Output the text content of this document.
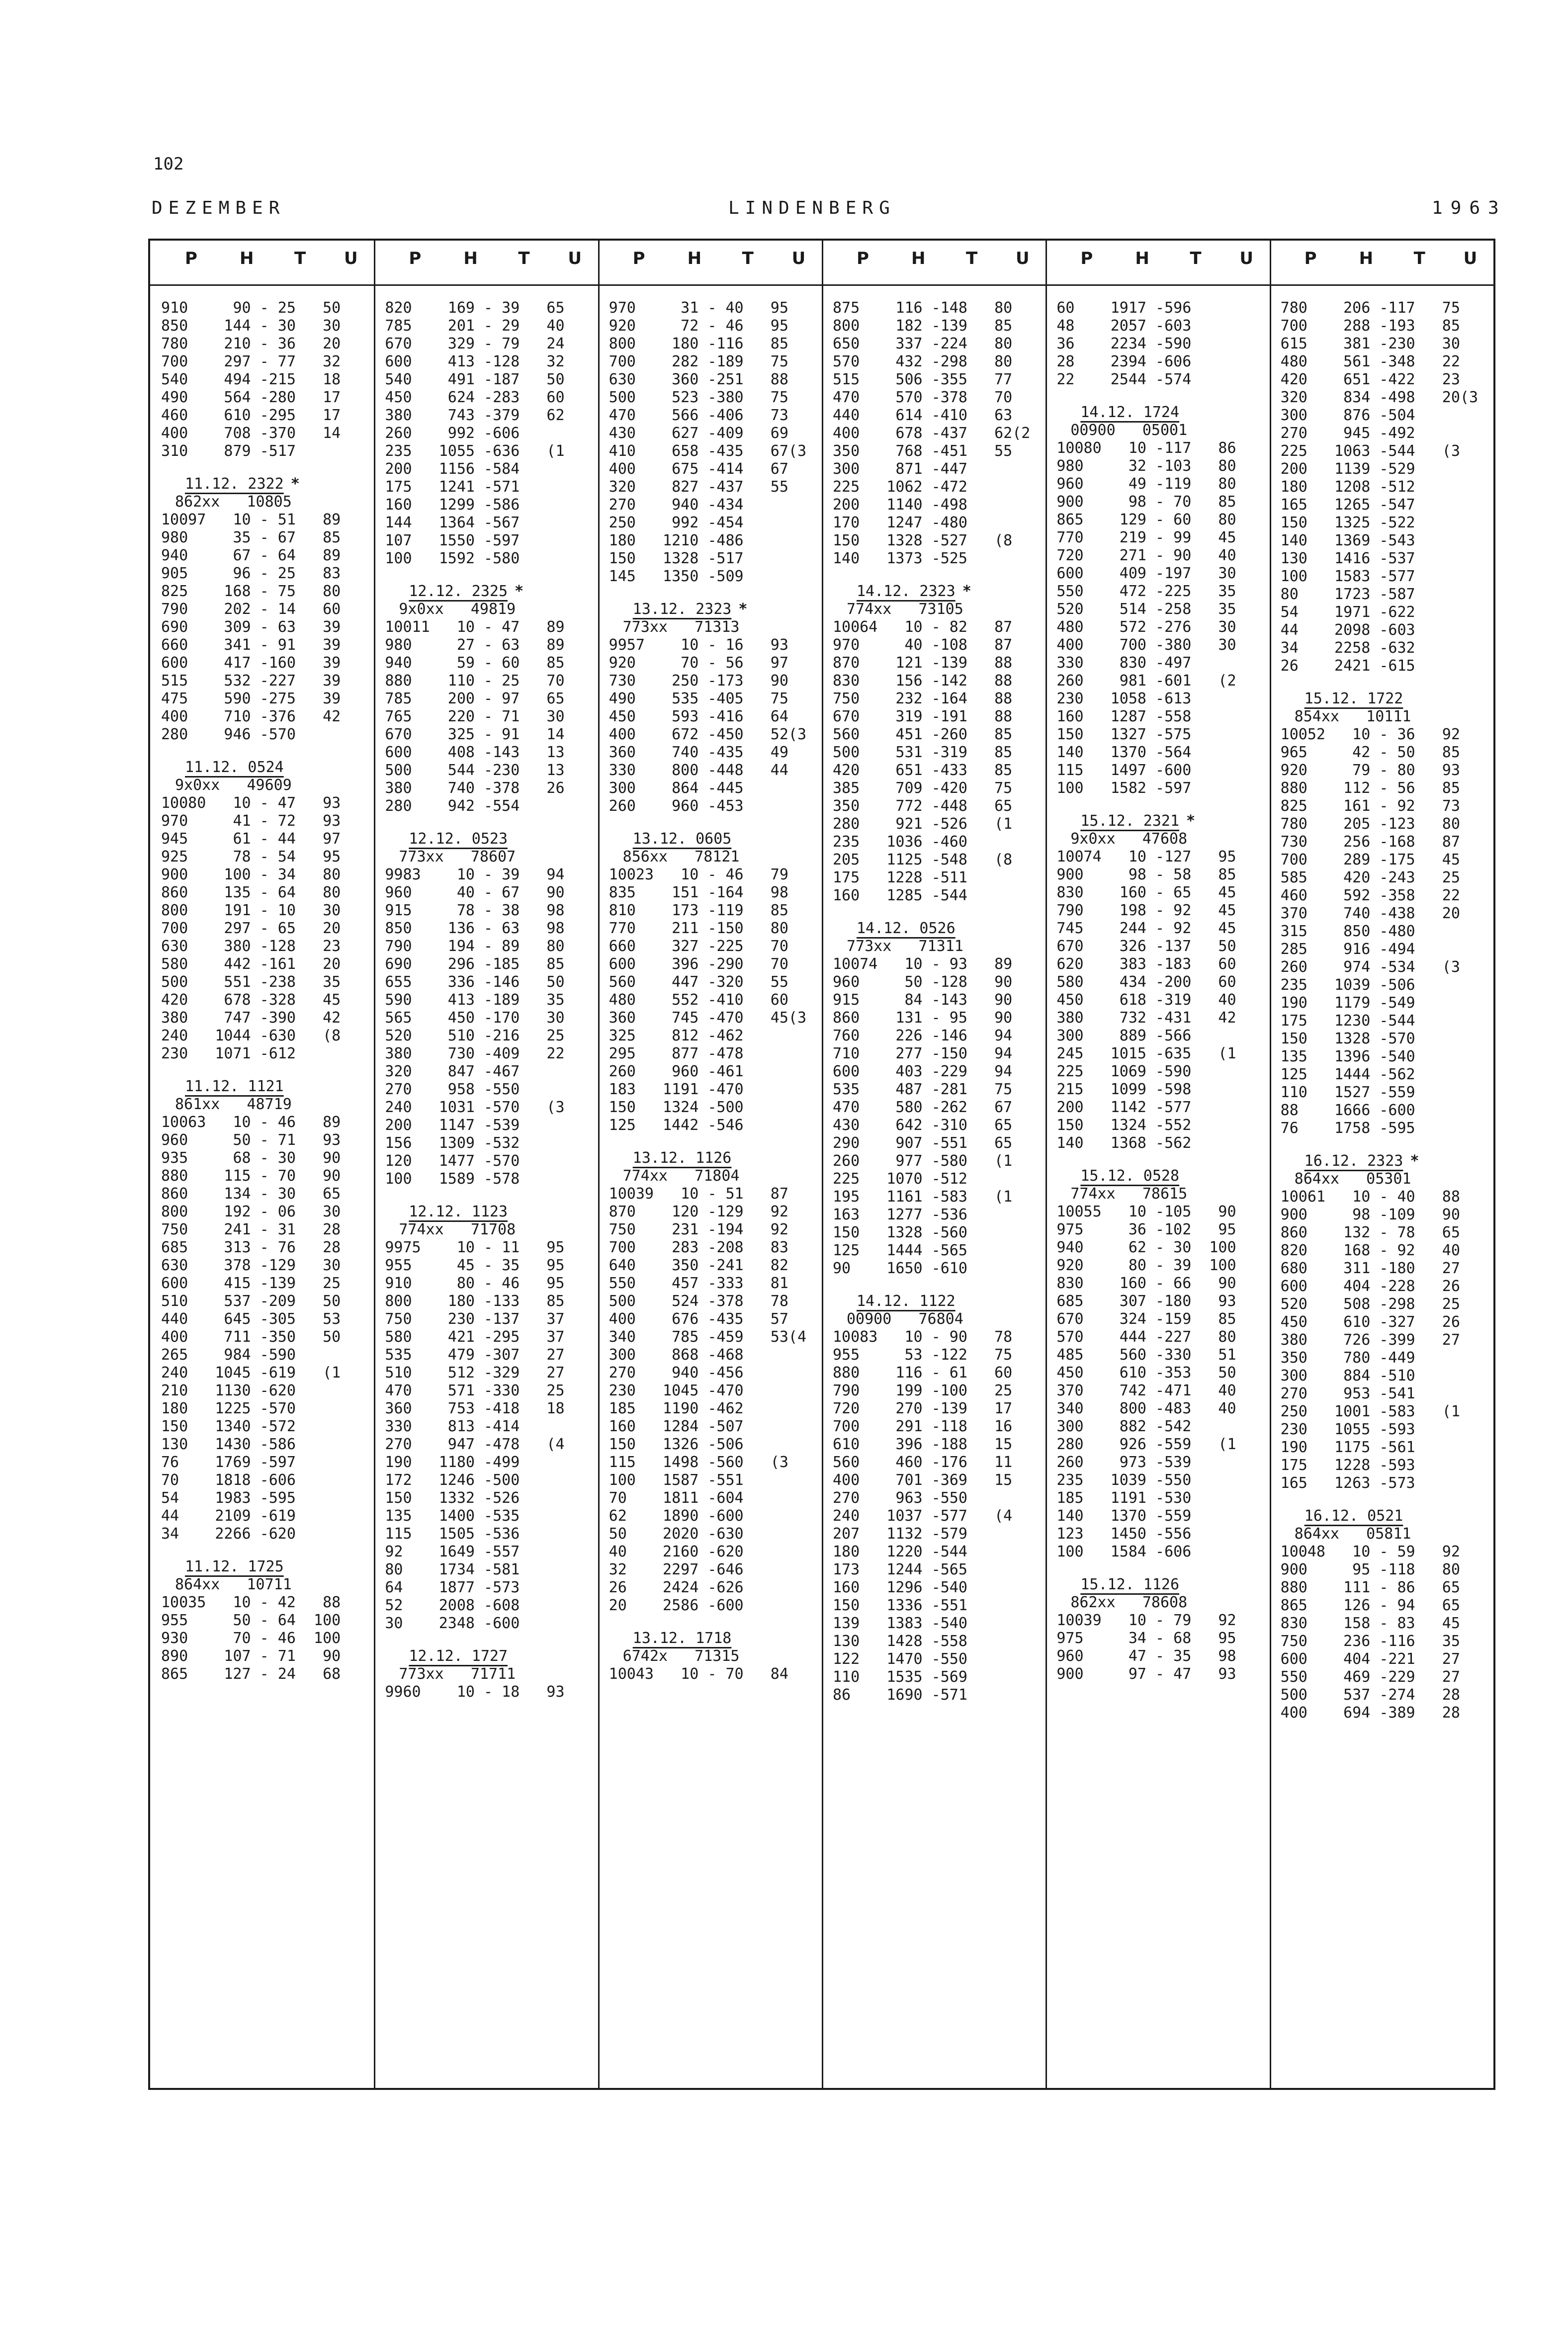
102
DEZEMBER	LINDENBERG	1963
P	H T U
910     90 - 25   50
850    144 - 30   30
780    210 - 36   20
700    297 - 77   32
540    494 -215   18
490    564 -280   17
460    610 -295   17
400    708 -370   14
310    879 -517
11.12. 2322 *
862xx   10805
10097   10 - 51   89
980     35 - 67   85
940     67 - 64   89
905     96 - 25   83
825    168 - 75   80
790    202 - 14   60
690    309 - 63   39
660    341 - 91   39
600    417 -160   39
515    532 -227   39
475    590 -275   39
400    710 -376   42
280    946 -570
11.12. 0524
9x0xx   49609
10080   10 - 47   93
970     41 - 72   93
945     61 - 44   97
925     78 - 54   95
900    100 - 34   80
860    135 - 64   80
800    191 - 10   30
700    297 - 65   20
630    380 -128   23
580    442 -161   20
500    551 -238   35
420    678 -328   45
380    747 -390   42
240   1044 -630   (8
230   1071 -612
11.12. 1121
861xx   48719
10063   10 - 46   89
960     50 - 71   93
935     68 - 30   90
880    115 - 70   90
860    134 - 30   65
800    192 - 06   30
750    241 - 31   28
685    313 - 76   28
630    378 -129   30
600    415 -139   25
510    537 -209   50
440    645 -305   53
400    711 -350   50
265    984 -590
240   1045 -619   (1
210   1130 -620
180   1225 -570
150   1340 -572
130   1430 -586
76    1769 -597
70    1818 -606
54    1983 -595
44    2109 -619
34    2266 -620
11.12. 1725
864xx   10711
10035   10 - 42   88
955     50 - 64  100
930     70 - 46  100
890    107 - 71   90
865    127 - 24   68
P	H T U
820    169 - 39   65
785    201 - 29   40
670    329 - 79   24
600    413 -128   32
540    491 -187   50
450    624 -283   60
380    743 -379   62
260    992 -606
235   1055 -636   (1
200   1156 -584
175   1241 -571
160   1299 -586
144   1364 -567
107   1550 -597
100   1592 -580
12.12. 2325 *
9x0xx   49819
10011   10 - 47   89
980     27 - 63   89
940     59 - 60   85
880    110 - 25   70
785    200 - 97   65
765    220 - 71   30
670    325 - 91   14
600    408 -143   13
500    544 -230   13
380    740 -378   26
280    942 -554
12.12. 0523
773xx   78607
9983    10 - 39   94
960     40 - 67   90
915     78 - 38   98
850    136 - 63   98
790    194 - 89   80
690    296 -185   85
655    336 -146   50
590    413 -189   35
565    450 -170   30
520    510 -216   25
380    730 -409   22
320    847 -467
270    958 -550
240   1031 -570   (3
200   1147 -539
156   1309 -532
120   1477 -570
100   1589 -578
12.12. 1123
774xx   71708
9975    10 - 11   95
955     45 - 35   95
910     80 - 46   95
800    180 -133   85
750    230 -137   37
580    421 -295   37
535    479 -307   27
510    512 -329   27
470    571 -330   25
360    753 -418   18
330    813 -414
270    947 -478   (4
190   1180 -499
172   1246 -500
150   1332 -526
135   1400 -535
115   1505 -536
92    1649 -557
80    1734 -581
64    1877 -573
52    2008 -608
30    2348 -600
12.12. 1727
773xx   71711
9960    10 - 18   93
P	H T U
970     31 - 40   95
920     72 - 46   95
800    180 -116   85
700    282 -189   75
630    360 -251   88
500    523 -380   75
470    566 -406   73
430    627 -409   69
410    658 -435   67(3
400    675 -414   67
320    827 -437   55
270    940 -434
250    992 -454
180   1210 -486
150   1328 -517
145   1350 -509
13.12. 2323 *
773xx   71313
9957    10 - 16   93
920     70 - 56   97
730    250 -173   90
490    535 -405   75
450    593 -416   64
400    672 -450   52(3
360    740 -435   49
330    800 -448   44
300    864 -445
260    960 -453
13.12. 0605
856xx   78121
10023   10 - 46   79
835    151 -164   98
810    173 -119   85
770    211 -150   80
660    327 -225   70
600    396 -290   70
560    447 -320   55
480    552 -410   60
360    745 -470   45(3
325    812 -462
295    877 -478
260    960 -461
183   1191 -470
150   1324 -500
125   1442 -546
13.12. 1126
774xx   71804
10039   10 - 51   87
870    120 -129   92
750    231 -194   92
700    283 -208   83
640    350 -241   82
550    457 -333   81
500    524 -378   78
400    676 -435   57
340    785 -459   53(4
300    868 -468
270    940 -456
230   1045 -470
185   1190 -462
160   1284 -507
150   1326 -506
115   1498 -560   (3
100   1587 -551
70    1811 -604
62    1890 -600
50    2020 -630
40    2160 -620
32    2297 -646
26    2424 -626
20    2586 -600
13.12. 1718
6742x   71315
10043   10 - 70   84
P	H T U
875    116 -148   80
800    182 -139   85
650    337 -224   80
570    432 -298   80
515    506 -355   77
470    570 -378   70
440    614 -410   63
400    678 -437   62(2
350    768 -451   55
300    871 -447
225   1062 -472
200   1140 -498
170   1247 -480
150   1328 -527   (8
140   1373 -525
14.12. 2323 *
774xx   73105
10064   10 - 82   87
970     40 -108   87
870    121 -139   88
830    156 -142   88
750    232 -164   88
670    319 -191   88
560    451 -260   85
500    531 -319   85
420    651 -433   85
385    709 -420   75
350    772 -448   65
280    921 -526   (1
235   1036 -460
205   1125 -548   (8
175   1228 -511
160   1285 -544
14.12. 0526
773xx   71311
10074   10 - 93   89
960     50 -128   90
915     84 -143   90
860    131 - 95   90
760    226 -146   94
710    277 -150   94
600    403 -229   94
535    487 -281   75
470    580 -262   67
430    642 -310   65
290    907 -551   65
260    977 -580   (1
225   1070 -512
195   1161 -583   (1
163   1277 -536
150   1328 -560
125   1444 -565
90    1650 -610
14.12. 1122
00900   76804
10083   10 - 90   78
955     53 -122   75
880    116 - 61   60
790    199 -100   25
720    270 -139   17
700    291 -118   16
610    396 -188   15
560    460 -176   11
400    701 -369   15
270    963 -550
240   1037 -577   (4
207   1132 -579
180   1220 -544
173   1244 -565
160   1296 -540
150   1336 -551
139   1383 -540
130   1428 -558
122   1470 -550
110   1535 -569
86    1690 -571
P	H T U
60    1917 -596
48    2057 -603
36    2234 -590
28    2394 -606
22    2544 -574
14.12. 1724
00900   05001
10080   10 -117   86
980     32 -103   80
960     49 -119   80
900     98 - 70   85
865    129 - 60   80
770    219 - 99   45
720    271 - 90   40
600    409 -197   30
550    472 -225   35
520    514 -258   35
480    572 -276   30
400    700 -380   30
330    830 -497
260    981 -601   (2
230   1058 -613
160   1287 -558
150   1327 -575
140   1370 -564
115   1497 -600
100   1582 -597
15.12. 2321 *
9x0xx   47608
10074   10 -127   95
900     98 - 58   85
830    160 - 65   45
790    198 - 92   45
745    244 - 92   45
670    326 -137   50
620    383 -183   60
580    434 -200   60
450    618 -319   40
380    732 -431   42
300    889 -566
245   1015 -635   (1
225   1069 -590
215   1099 -598
200   1142 -577
150   1324 -552
140   1368 -562
15.12. 0528
774xx   78615
10055   10 -105   90
975     36 -102   95
940     62 - 30  100
920     80 - 39  100
830    160 - 66   90
685    307 -180   93
670    324 -159   85
570    444 -227   80
485    560 -330   51
450    610 -353   50
370    742 -471   40
340    800 -483   40
300    882 -542
280    926 -559   (1
260    973 -539
235   1039 -550
185   1191 -530
140   1370 -559
123   1450 -556
100   1584 -606
15.12. 1126
862xx   78608
10039   10 - 79   92
975     34 - 68   95
960     47 - 35   98
900     97 - 47   93
P	H T U
780    206 -117   75
700    288 -193   85
615    381 -230   30
480    561 -348   22
420    651 -422   23
320    834 -498   20(3
300    876 -504
270    945 -492
225   1063 -544   (3
200   1139 -529
180   1208 -512
165   1265 -547
150   1325 -522
140   1369 -543
130   1416 -537
100   1583 -577
80    1723 -587
54    1971 -622
44    2098 -603
34    2258 -632
26    2421 -615
15.12. 1722
854xx   10111
10052   10 - 36   92
965     42 - 50   85
920     79 - 80   93
880    112 - 56   85
825    161 - 92   73
780    205 -123   80
730    256 -168   87
700    289 -175   45
585    420 -243   25
460    592 -358   22
370    740 -438   20
315    850 -480
285    916 -494
260    974 -534   (3
235   1039 -506
190   1179 -549
175   1230 -544
150   1328 -570
135   1396 -540
125   1444 -562
110   1527 -559
88    1666 -600
76    1758 -595
16.12. 2323 *
864xx   05301
10061   10 - 40   88
900     98 -109   90
860    132 - 78   65
820    168 - 92   40
680    311 -180   27
600    404 -228   26
520    508 -298   25
450    610 -327   26
380    726 -399   27
350    780 -449
300    884 -510
270    953 -541
250   1001 -583   (1
230   1055 -593
190   1175 -561
175   1228 -593
165   1263 -573
16.12. 0521
864xx   05811
10048   10 - 59   92
900     95 -118   80
880    111 - 86   65
865    126 - 94   65
830    158 - 83   45
750    236 -116   35
600    404 -221   27
550    469 -229   27
500    537 -274   28
400    694 -389   28
